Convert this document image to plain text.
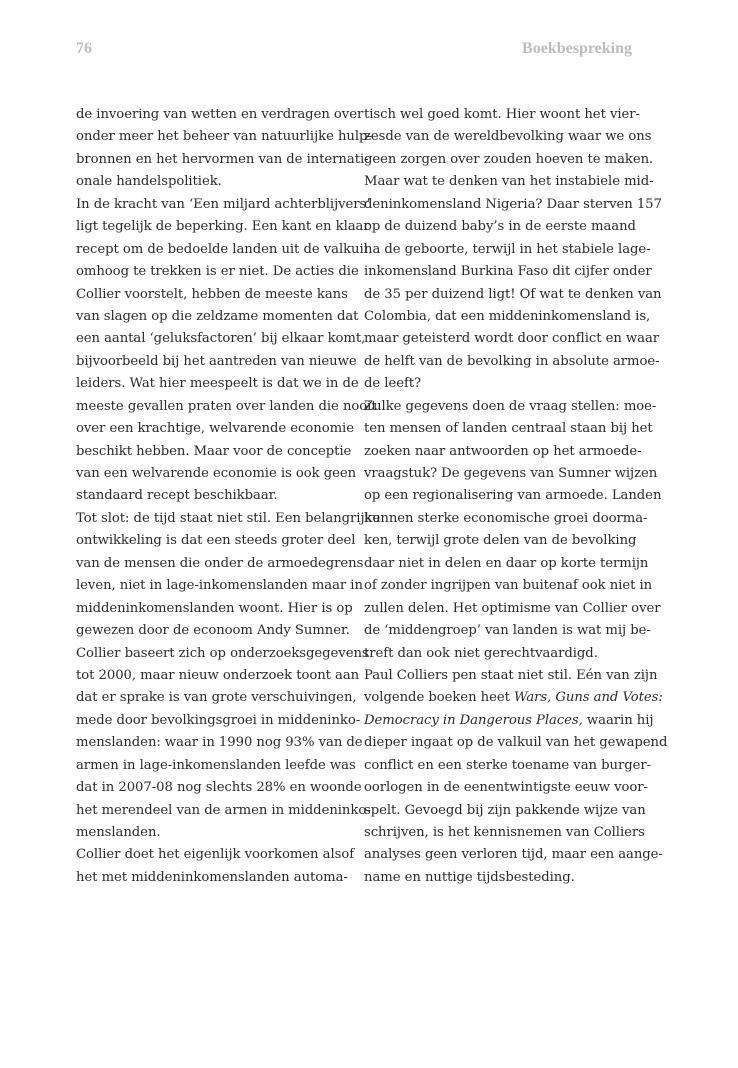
76	Boekbespreking
de invoering van wetten en verdragen over
onder meer het beheer van natuurlijke hulp-
bronnen en het hervormen van de internati-
onale handelspolitiek.
In de kracht van ‘Een miljard achterblijvers’
ligt tegelijk de beperking. Een kant en klaar
recept om de bedoelde landen uit de valkuil
omhoog te trekken is er niet. De acties die
Collier voorstelt, hebben de meeste kans
van slagen op die zeldzame momenten dat
een aantal ‘geluksfactoren’ bij elkaar komt,
bijvoorbeeld bij het aantreden van nieuwe
leiders. Wat hier meespeelt is dat we in de
meeste gevallen praten over landen die nooit
over een krachtige, welvarende economie
beschikt hebben. Maar voor de conceptie
van een welvarende economie is ook geen
standaard recept beschikbaar.
Tot slot: de tijd staat niet stil. Een belangrijke
ontwikkeling is dat een steeds groter deel
van de mensen die onder de armoedegrens
leven, niet in lage-inkomenslanden maar in
middeninkomenslanden woont. Hier is op
gewezen door de econoom Andy Sumner.
Collier baseert zich op onderzoeksgegevens
tot 2000, maar nieuw onderzoek toont aan
dat er sprake is van grote verschuivingen,
mede door bevolkingsgroei in middeninko-
menslanden: waar in 1990 nog 93% van de
armen in lage-inkomenslanden leefde was
dat in 2007-08 nog slechts 28% en woonde
het merendeel van de armen in middeninko-
menslanden.
Collier doet het eigenlijk voorkomen alsof
het met middeninkomenslanden automa-
tisch wel goed komt. Hier woont het vier-
zesde van de wereldbevolking waar we ons
geen zorgen over zouden hoeven te maken.
Maar wat te denken van het instabiele mid-
deninkomensland Nigeria? Daar sterven 157
op de duizend baby’s in de eerste maand
na de geboorte, terwijl in het stabiele lage-
inkomensland Burkina Faso dit cijfer onder
de 35 per duizend ligt! Of wat te denken van
Colombia, dat een middeninkomensland is,
maar geteisterd wordt door conflict en waar
de helft van de bevolking in absolute armoe-
de leeft?
Zulke gegevens doen de vraag stellen: moe-
ten mensen of landen centraal staan bij het
zoeken naar antwoorden op het armoede-
vraagstuk? De gegevens van Sumner wijzen
op een regionalisering van armoede. Landen
kunnen sterke economische groei doorma-
ken, terwijl grote delen van de bevolking
daar niet in delen en daar op korte termijn
of zonder ingrijpen van buitenaf ook niet in
zullen delen. Het optimisme van Collier over
de ‘middengroep’ van landen is wat mij be-
treft dan ook niet gerechtvaardigd.
Paul Colliers pen staat niet stil. Eén van zijn
volgende boeken heet Wars, Guns and Votes:
Democracy in Dangerous Places, waarin hij
dieper ingaat op de valkuil van het gewapend
conflict en een sterke toename van burger-
oorlogen in de eenentwintigste eeuw voor-
spelt. Gevoegd bij zijn pakkende wijze van
schrijven, is het kennisnemen van Colliers
analyses geen verloren tijd, maar een aange-
name en nuttige tijdsbesteding.
